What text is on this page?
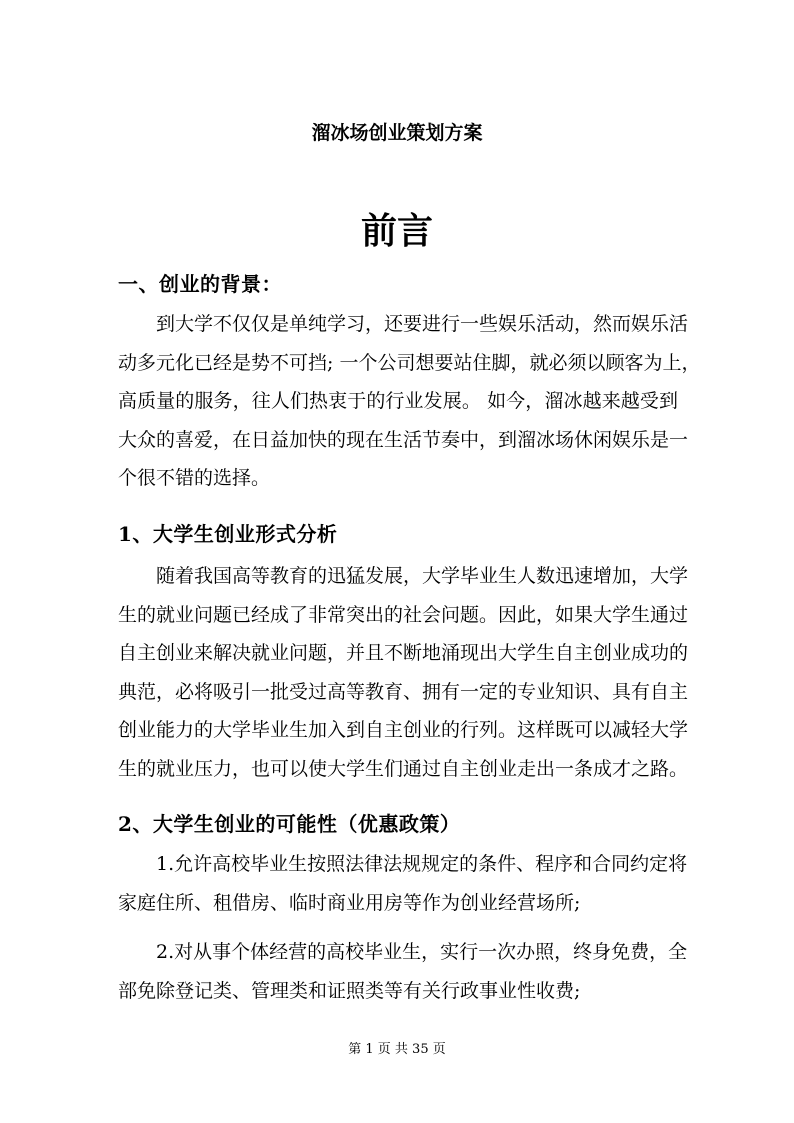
溜冰场创业策划方案
前言
一、创业的背景：
到大学不仅仅是单纯学习，还要进行一些娱乐活动，然而娱乐活
动多元化已经是势不可挡; 一个公司想要站住脚，就必须以顾客为上，
高质量的服务，往人们热衷于的行业发展。 如今，溜冰越来越受到
大众的喜爱，在日益加快的现在生活节奏中，到溜冰场休闲娱乐是一
个很不错的选择。
1、大学生创业形式分析
随着我国高等教育的迅猛发展，大学毕业生人数迅速增加，大学
生的就业问题已经成了非常突出的社会问题。因此，如果大学生通过
自主创业来解决就业问题，并且不断地涌现出大学生自主创业成功的
典范，必将吸引一批受过高等教育、拥有一定的专业知识、具有自主
创业能力的大学毕业生加入到自主创业的行列。这样既可以减轻大学
生的就业压力，也可以使大学生们通过自主创业走出一条成才之路。
2、大学生创业的可能性（优惠政策）
1.允许高校毕业生按照法律法规规定的条件、程序和合同约定将
家庭住所、租借房、临时商业用房等作为创业经营场所;
2.对从事个体经营的高校毕业生，实行一次办照，终身免费，全
部免除登记类、管理类和证照类等有关行政事业性收费;
第 1 页 共 35 页
